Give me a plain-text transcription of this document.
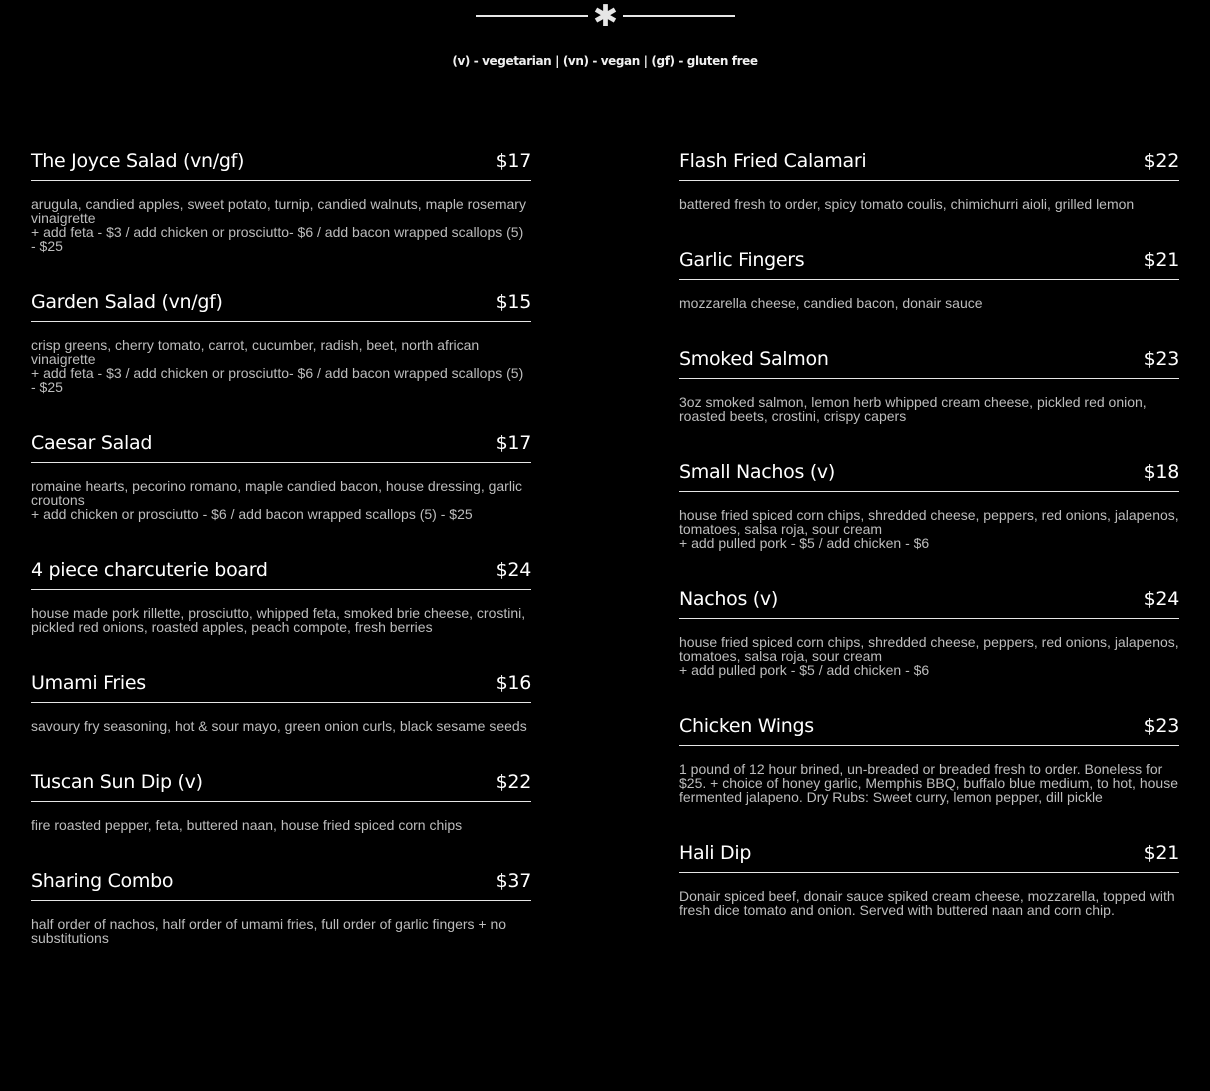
✱
(v) - vegetarian | (vn) - vegan | (gf) - gluten free
The Joyce Salad (vn/gf)	$17
arugula, candied apples, sweet potato, turnip, candied walnuts, maple rosemary vinaigrette
+ add feta - $3 / add chicken or prosciutto- $6 / add bacon wrapped scallops (5) - $25
Garden Salad (vn/gf)	$15
crisp greens, cherry tomato, carrot, cucumber, radish, beet, north african vinaigrette
+ add feta - $3 / add chicken or prosciutto- $6 / add bacon wrapped scallops (5) - $25
Caesar Salad	$17
romaine hearts, pecorino romano, maple candied bacon, house dressing, garlic croutons
+ add chicken or prosciutto - $6 / add bacon wrapped scallops (5) - $25
4 piece charcuterie board	$24
house made pork rillette, prosciutto, whipped feta, smoked brie cheese, crostini, pickled red onions, roasted apples, peach compote, fresh berries
Umami Fries	$16
savoury fry seasoning, hot & sour mayo, green onion curls, black sesame seeds
Tuscan Sun Dip (v)	$22
fire roasted pepper, feta, buttered naan, house fried spiced corn chips
Sharing Combo	$37
half order of nachos, half order of umami fries, full order of garlic fingers + no substitutions
Flash Fried Calamari	$22
battered fresh to order, spicy tomato coulis, chimichurri aioli, grilled lemon
Garlic Fingers	$21
mozzarella cheese, candied bacon, donair sauce
Smoked Salmon	$23
3oz smoked salmon, lemon herb whipped cream cheese, pickled red onion, roasted beets, crostini, crispy capers
Small Nachos (v)	$18
house fried spiced corn chips, shredded cheese, peppers, red onions, jalapenos, tomatoes, salsa roja, sour cream
+ add pulled pork - $5 / add chicken - $6
Nachos (v)	$24
house fried spiced corn chips, shredded cheese, peppers, red onions, jalapenos, tomatoes, salsa roja, sour cream
+ add pulled pork - $5 / add chicken - $6
Chicken Wings	$23
1 pound of 12 hour brined, un-breaded or breaded fresh to order. Boneless for $25. + choice of honey garlic, Memphis BBQ, buffalo blue medium, to hot, house fermented jalapeno. Dry Rubs: Sweet curry, lemon pepper, dill pickle
Hali Dip	$21
Donair spiced beef, donair sauce spiked cream cheese, mozzarella, topped with fresh dice tomato and onion. Served with buttered naan and corn chip.
